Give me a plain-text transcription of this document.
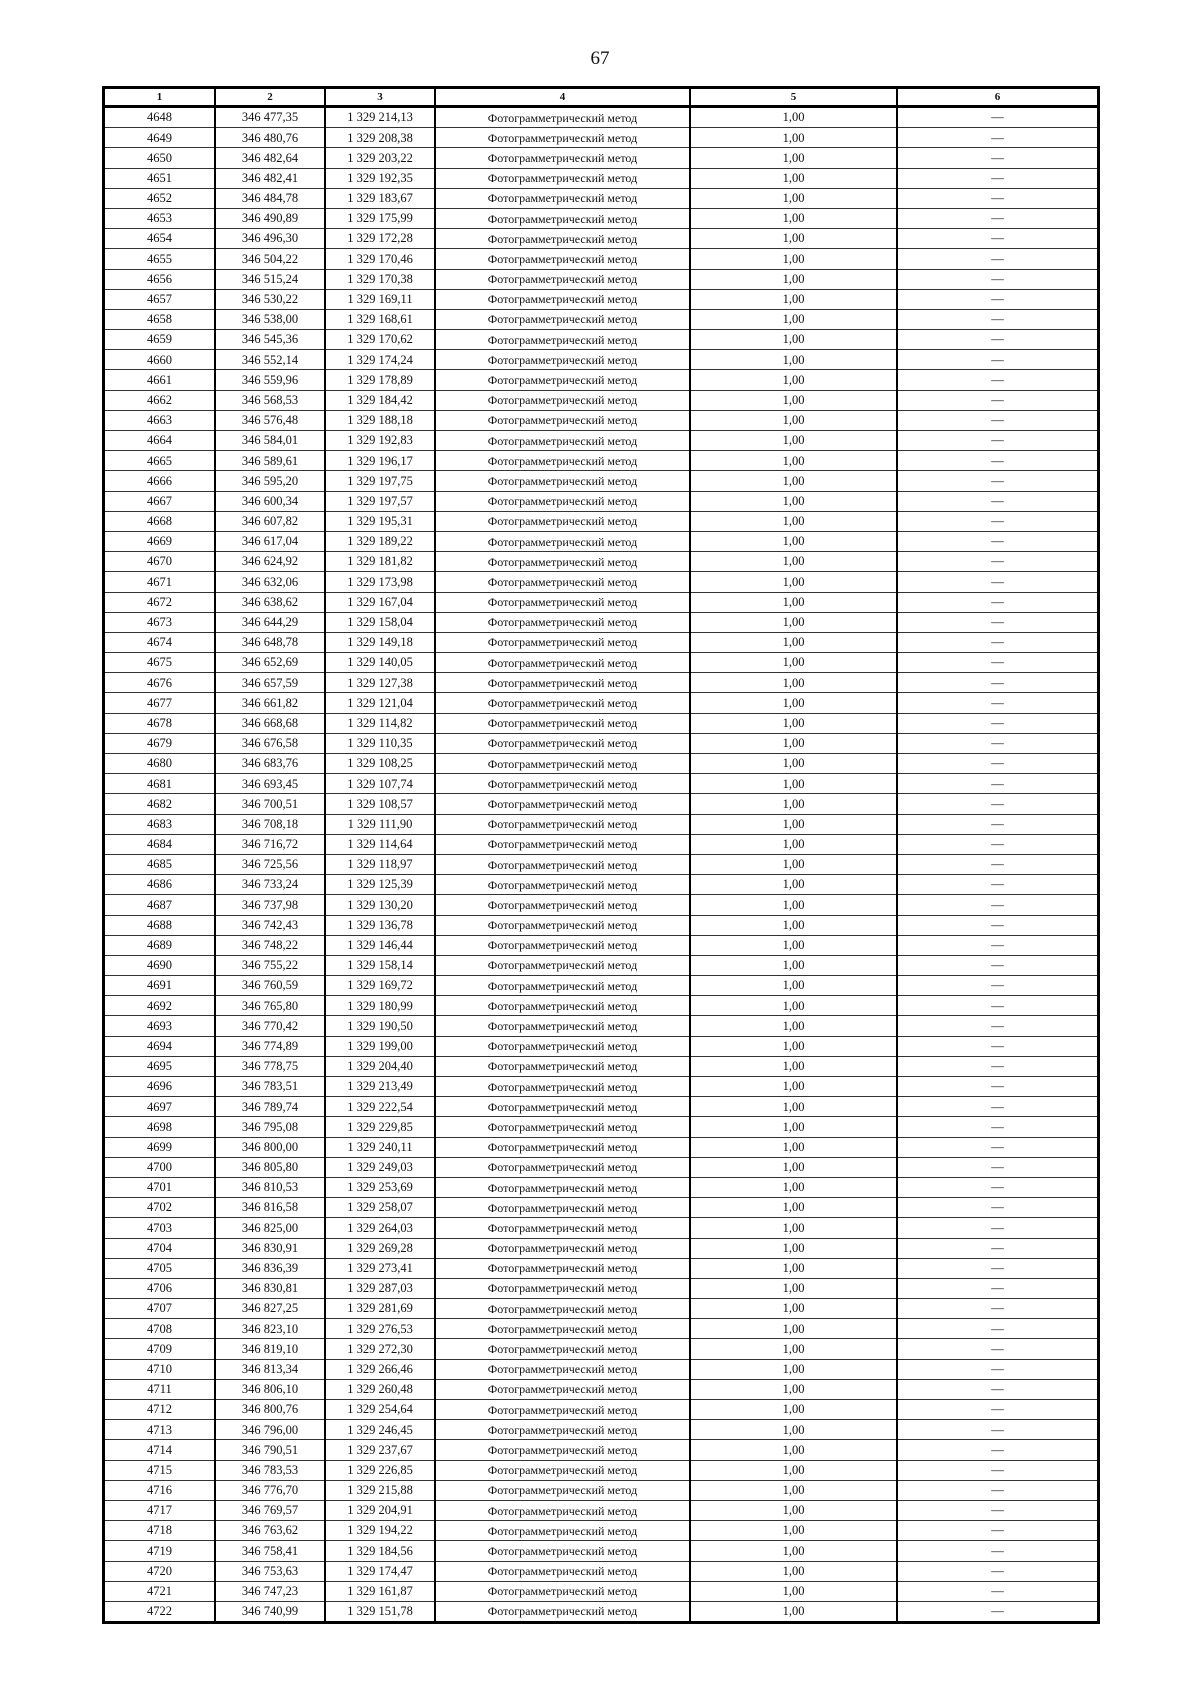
67
1	2	3	4	5	6
4648	346 477,35	1 329 214,13	Фотограмметрический метод	1,00	—
4649	346 480,76	1 329 208,38	Фотограмметрический метод	1,00	—
4650	346 482,64	1 329 203,22	Фотограмметрический метод	1,00	—
4651	346 482,41	1 329 192,35	Фотограмметрический метод	1,00	—
4652	346 484,78	1 329 183,67	Фотограмметрический метод	1,00	—
4653	346 490,89	1 329 175,99	Фотограмметрический метод	1,00	—
4654	346 496,30	1 329 172,28	Фотограмметрический метод	1,00	—
4655	346 504,22	1 329 170,46	Фотограмметрический метод	1,00	—
4656	346 515,24	1 329 170,38	Фотограмметрический метод	1,00	—
4657	346 530,22	1 329 169,11	Фотограмметрический метод	1,00	—
4658	346 538,00	1 329 168,61	Фотограмметрический метод	1,00	—
4659	346 545,36	1 329 170,62	Фотограмметрический метод	1,00	—
4660	346 552,14	1 329 174,24	Фотограмметрический метод	1,00	—
4661	346 559,96	1 329 178,89	Фотограмметрический метод	1,00	—
4662	346 568,53	1 329 184,42	Фотограмметрический метод	1,00	—
4663	346 576,48	1 329 188,18	Фотограмметрический метод	1,00	—
4664	346 584,01	1 329 192,83	Фотограмметрический метод	1,00	—
4665	346 589,61	1 329 196,17	Фотограмметрический метод	1,00	—
4666	346 595,20	1 329 197,75	Фотограмметрический метод	1,00	—
4667	346 600,34	1 329 197,57	Фотограмметрический метод	1,00	—
4668	346 607,82	1 329 195,31	Фотограмметрический метод	1,00	—
4669	346 617,04	1 329 189,22	Фотограмметрический метод	1,00	—
4670	346 624,92	1 329 181,82	Фотограмметрический метод	1,00	—
4671	346 632,06	1 329 173,98	Фотограмметрический метод	1,00	—
4672	346 638,62	1 329 167,04	Фотограмметрический метод	1,00	—
4673	346 644,29	1 329 158,04	Фотограмметрический метод	1,00	—
4674	346 648,78	1 329 149,18	Фотограмметрический метод	1,00	—
4675	346 652,69	1 329 140,05	Фотограмметрический метод	1,00	—
4676	346 657,59	1 329 127,38	Фотограмметрический метод	1,00	—
4677	346 661,82	1 329 121,04	Фотограмметрический метод	1,00	—
4678	346 668,68	1 329 114,82	Фотограмметрический метод	1,00	—
4679	346 676,58	1 329 110,35	Фотограмметрический метод	1,00	—
4680	346 683,76	1 329 108,25	Фотограмметрический метод	1,00	—
4681	346 693,45	1 329 107,74	Фотограмметрический метод	1,00	—
4682	346 700,51	1 329 108,57	Фотограмметрический метод	1,00	—
4683	346 708,18	1 329 111,90	Фотограмметрический метод	1,00	—
4684	346 716,72	1 329 114,64	Фотограмметрический метод	1,00	—
4685	346 725,56	1 329 118,97	Фотограмметрический метод	1,00	—
4686	346 733,24	1 329 125,39	Фотограмметрический метод	1,00	—
4687	346 737,98	1 329 130,20	Фотограмметрический метод	1,00	—
4688	346 742,43	1 329 136,78	Фотограмметрический метод	1,00	—
4689	346 748,22	1 329 146,44	Фотограмметрический метод	1,00	—
4690	346 755,22	1 329 158,14	Фотограмметрический метод	1,00	—
4691	346 760,59	1 329 169,72	Фотограмметрический метод	1,00	—
4692	346 765,80	1 329 180,99	Фотограмметрический метод	1,00	—
4693	346 770,42	1 329 190,50	Фотограмметрический метод	1,00	—
4694	346 774,89	1 329 199,00	Фотограмметрический метод	1,00	—
4695	346 778,75	1 329 204,40	Фотограмметрический метод	1,00	—
4696	346 783,51	1 329 213,49	Фотограмметрический метод	1,00	—
4697	346 789,74	1 329 222,54	Фотограмметрический метод	1,00	—
4698	346 795,08	1 329 229,85	Фотограмметрический метод	1,00	—
4699	346 800,00	1 329 240,11	Фотограмметрический метод	1,00	—
4700	346 805,80	1 329 249,03	Фотограмметрический метод	1,00	—
4701	346 810,53	1 329 253,69	Фотограмметрический метод	1,00	—
4702	346 816,58	1 329 258,07	Фотограмметрический метод	1,00	—
4703	346 825,00	1 329 264,03	Фотограмметрический метод	1,00	—
4704	346 830,91	1 329 269,28	Фотограмметрический метод	1,00	—
4705	346 836,39	1 329 273,41	Фотограмметрический метод	1,00	—
4706	346 830,81	1 329 287,03	Фотограмметрический метод	1,00	—
4707	346 827,25	1 329 281,69	Фотограмметрический метод	1,00	—
4708	346 823,10	1 329 276,53	Фотограмметрический метод	1,00	—
4709	346 819,10	1 329 272,30	Фотограмметрический метод	1,00	—
4710	346 813,34	1 329 266,46	Фотограмметрический метод	1,00	—
4711	346 806,10	1 329 260,48	Фотограмметрический метод	1,00	—
4712	346 800,76	1 329 254,64	Фотограмметрический метод	1,00	—
4713	346 796,00	1 329 246,45	Фотограмметрический метод	1,00	—
4714	346 790,51	1 329 237,67	Фотограмметрический метод	1,00	—
4715	346 783,53	1 329 226,85	Фотограмметрический метод	1,00	—
4716	346 776,70	1 329 215,88	Фотограмметрический метод	1,00	—
4717	346 769,57	1 329 204,91	Фотограмметрический метод	1,00	—
4718	346 763,62	1 329 194,22	Фотограмметрический метод	1,00	—
4719	346 758,41	1 329 184,56	Фотограмметрический метод	1,00	—
4720	346 753,63	1 329 174,47	Фотограмметрический метод	1,00	—
4721	346 747,23	1 329 161,87	Фотограмметрический метод	1,00	—
4722	346 740,99	1 329 151,78	Фотограмметрический метод	1,00	—
